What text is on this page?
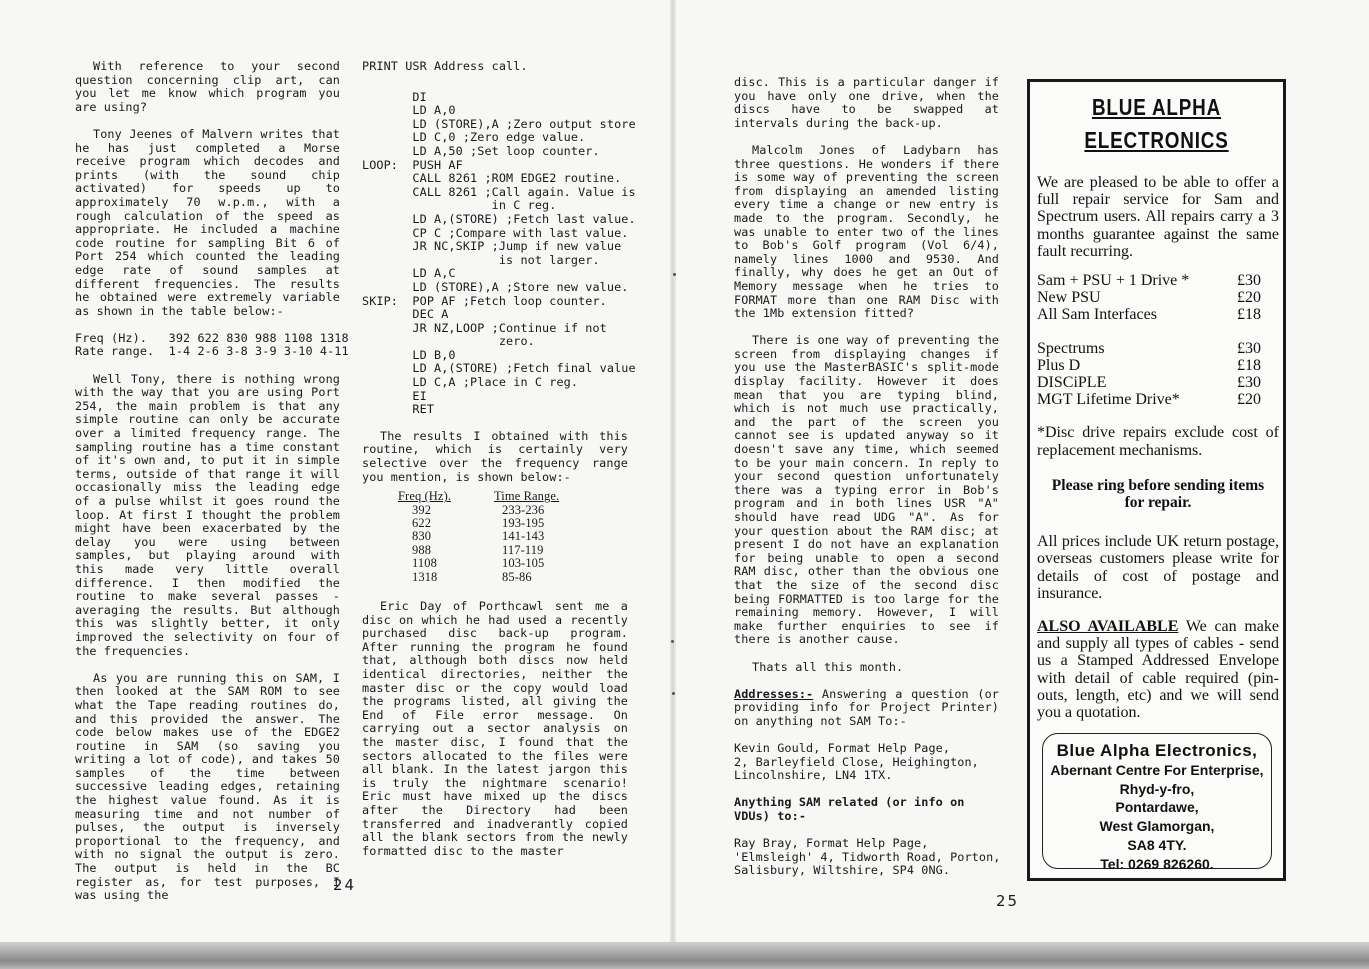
With reference to your second question concerning clip art, can you let me know which program you are using?

Tony Jeenes of Malvern writes that he has just completed a Morse receive program which decodes and prints (with the sound chip activated) for speeds up to approximately 70 w.p.m., with a rough calculation of the speed as appropriate. He included a machine code routine for sampling Bit 6 of Port 254 which counted the leading edge rate of sound samples at different frequencies. The results he obtained were extremely variable as shown in the table below:-

Freq (Hz).   392 622 830 988 1108 1318
Rate range.  1-4 2-6 3-8 3-9 3-10 4-11

Well Tony, there is nothing wrong with the way that you are using Port 254, the main problem is that any simple routine can only be accurate over a limited frequency range. The sampling routine has a time constant of it's own and, to put it in simple terms, outside of that range it will occasionally miss the leading edge of a pulse whilst it goes round the loop. At first I thought the problem might have been exacerbated by the delay you were using between samples, but playing around with this made very little overall difference. I then modified the routine to make several passes - averaging the results. But although this was slightly better, it only improved the selectivity on four of the frequencies.

As you are running this on SAM, I then looked at the SAM ROM to see what the Tape reading routines do, and this provided the answer. The code below makes use of the EDGE2 routine in SAM (so saving you writing a lot of code), and takes 50 samples of the time between successive leading edges, retaining the highest value found. As it is measuring time and not number of pulses, the output is inversely proportional to the frequency, and with no signal the output is zero. The output is held in the BC register as, for test purposes, I was using the

PRINT USR Address call.

DI
LD A,0
LD (STORE),A ;Zero output store
LD C,0 ;Zero edge value.
LD A,50 ;Set loop counter.
LOOP:  PUSH AF
CALL 8261 ;ROM EDGE2 routine.
CALL 8261 ;Call again. Value is
in C reg.
LD A,(STORE) ;Fetch last value.
CP C ;Compare with last value.
JR NC,SKIP ;Jump if new value
is not larger.
LD A,C
LD (STORE),A ;Store new value.
SKIP:  POP AF ;Fetch loop counter.
DEC A
JR NZ,LOOP ;Continue if not
zero.
LD B,0
LD A,(STORE) ;Fetch final value
LD C,A ;Place in C reg.
EI
RET

The results I obtained with this routine, which is certainly very selective over the frequency range you mention, is shown below:-

Freq (Hz).	Time Range.
392	233-236
622	193-195
830	141-143
988	117-119
1108	103-105
1318	85-86

Eric Day of Porthcawl sent me a disc on which he had used a recently purchased disc back-up program. After running the program he found that, although both discs now held identical directories, neither the master disc or the copy would load the programs listed, all giving the End of File error message. On carrying out a sector analysis on the master disc, I found that the sectors allocated to the files were all blank. In the latest jargon this is truly the nightmare scenario! Eric must have mixed up the discs after the Directory had been transferred and inadverantly copied all the blank sectors from the newly formatted disc to the master

24

disc. This is a particular danger if you have only one drive, when the discs have to be swapped at intervals during the back-up.

Malcolm Jones of Ladybarn has three questions. He wonders if there is some way of preventing the screen from displaying an amended listing every time a change or new entry is made to the program. Secondly, he was unable to enter two of the lines to Bob's Golf program (Vol 6/4), namely lines 1000 and 9530. And finally, why does he get an Out of Memory message when he tries to FORMAT more than one RAM Disc with the 1Mb extension fitted?

There is one way of preventing the screen from displaying changes if you use the MasterBASIC's split-mode display facility. However it does mean that you are typing blind, which is not much use practically, and the part of the screen you cannot see is updated anyway so it doesn't save any time, which seemed to be your main concern. In reply to your second question unfortunately there was a typing error in Bob's program and in both lines USR "A" should have read UDG "A". As for your question about the RAM disc; at present I do not have an explanation for being unable to open a second RAM disc, other than the obvious one that the size of the second disc being FORMATTED is too large for the remaining memory. However, I will make further enquiries to see if there is another cause.

Thats all this month.

Addresses:- Answering a question (or providing info for Project Printer) on anything not SAM To:-

Kevin Gould, Format Help Page,
2, Barleyfield Close, Heighington,
Lincolnshire, LN4 1TX.

Anything SAM related (or info on VDUs) to:-

Ray Bray, Format Help Page,
'Elmsleigh' 4, Tidworth Road, Porton,
Salisbury, Wiltshire, SP4 0NG.
25
BLUE ALPHA
ELECTRONICS
We are pleased to be able to offer a full repair service for Sam and Spectrum users. All repairs carry a 3 months guarantee against the same fault recurring.
Sam + PSU + 1 Drive *	£30
New PSU	£20
All Sam Interfaces	£18
Spectrums	£30
Plus D	£18
DISCiPLE	£30
MGT Lifetime Drive*	£20
*Disc drive repairs exclude cost of replacement mechanisms.
Please ring before sending items for repair.
All prices include UK return postage, overseas customers please write for details of cost of postage and insurance.
ALSO AVAILABLE We can make and supply all types of cables - send us a Stamped Addressed Envelope with detail of cable required (pin-outs, length, etc) and we will send you a quotation.
Blue Alpha Electronics,
Abernant Centre For Enterprise,
Rhyd-y-fro,
Pontardawe,
West Glamorgan,
SA8 4TY.
Tel: 0269 826260.
